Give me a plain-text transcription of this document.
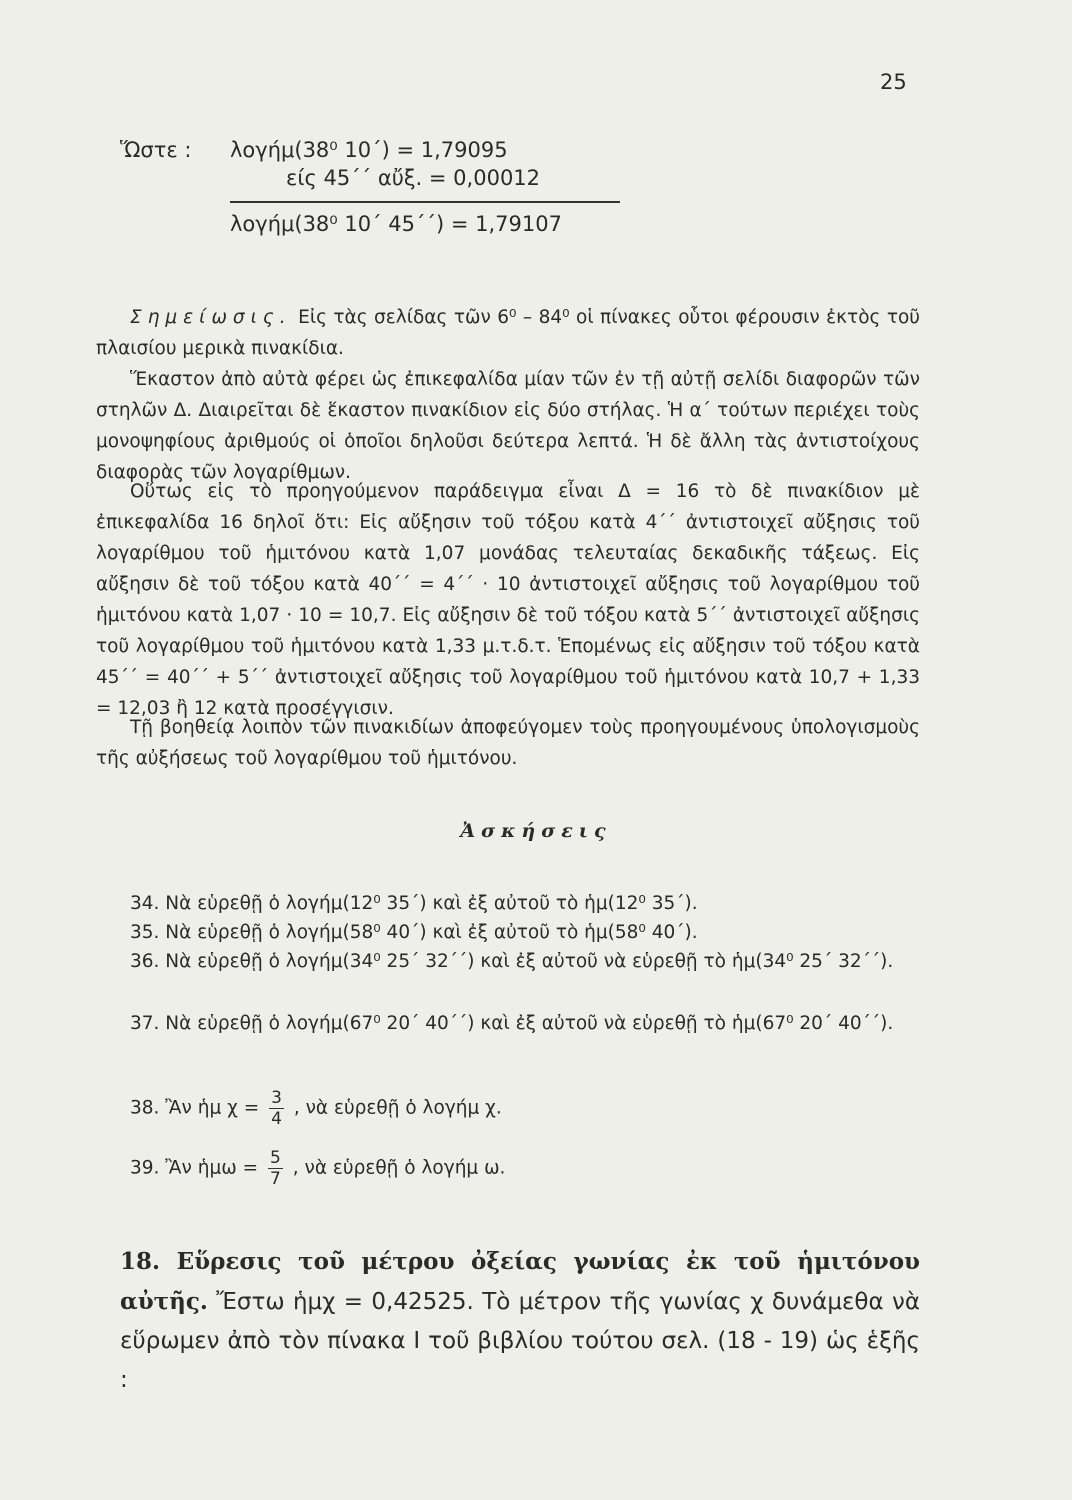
25
Ὥστε : λογήμ(38⁰ 10΄) = 1,79095
είς 45΄΄ αὔξ. = 0,00012
λογήμ(38⁰ 10΄ 45΄΄) = 1,79107
Σημείωσις. Εἰς τὰς σελίδας τῶν 6⁰ – 84⁰ οἱ πίνακες οὗτοι φέρουσιν ἐκτὸς τοῦ πλαισίου μερικὰ πινακίδια.
Ἕκαστον ἀπὸ αὐτὰ φέρει ὡς ἐπικεφαλίδα μίαν τῶν ἐν τῇ αὐτῇ σελίδι διαφορῶν τῶν στηλῶν Δ. Διαιρεῖται δὲ ἕκαστον πινακίδιον εἰς δύο στήλας. Ἡ α΄ τούτων περιέχει τοὺς μονοψηφίους ἀριθμούς οἱ ὁποῖοι δηλοῦσι δεύτερα λεπτά. Ἡ δὲ ἄλλη τὰς ἀντιστοίχους διαφορὰς τῶν λογαρίθμων.
Οὕτως εἰς τὸ προηγούμενον παράδειγμα εἶναι Δ = 16 τὸ δὲ πινακίδιον μὲ ἐπικεφαλίδα 16 δηλοῖ ὅτι: Εἰς αὔξησιν τοῦ τόξου κατὰ 4΄΄ ἀντιστοιχεῖ αὔξησις τοῦ λογαρίθμου τοῦ ἡμιτόνου κατὰ 1,07 μονάδας τελευταίας δεκαδικῆς τάξεως. Εἰς αὔξησιν δὲ τοῦ τόξου κατὰ 40΄΄ = 4΄΄ · 10 ἀντιστοιχεῖ αὔξησις τοῦ λογαρίθμου τοῦ ἡμιτόνου κατὰ 1,07 · 10 = 10,7. Εἰς αὔξησιν δὲ τοῦ τόξου κατὰ 5΄΄ ἀντιστοιχεῖ αὔξησις τοῦ λογαρίθμου τοῦ ἡμιτόνου κατὰ 1,33 μ.τ.δ.τ. Ἑπομένως εἰς αὔξησιν τοῦ τόξου κατὰ 45΄΄ = 40΄΄ + 5΄΄ ἀντιστοιχεῖ αὔξησις τοῦ λογαρίθμου τοῦ ἡμιτόνου κατὰ 10,7 + 1,33 = 12,03 ἢ 12 κατὰ προσέγγισιν.
Τῇ βοηθείᾳ λοιπὸν τῶν πινακιδίων ἀποφεύγομεν τοὺς προηγουμένους ὑπολογισμοὺς τῆς αὐξήσεως τοῦ λογαρίθμου τοῦ ἡμιτόνου.
Ἀσκήσεις
34. Νὰ εὑρεθῇ ὁ λογήμ(12⁰ 35΄) καὶ ἐξ αὐτοῦ τὸ ἡμ(12⁰ 35΄).
35. Νὰ εὑρεθῇ ὁ λογήμ(58⁰ 40΄) καὶ ἐξ αὐτοῦ τὸ ἡμ(58⁰ 40΄).
36. Νὰ εὑρεθῇ ὁ λογήμ(34⁰ 25΄ 32΄΄) καὶ ἐξ αὐτοῦ νὰ εὑρεθῇ τὸ ἡμ(34⁰ 25΄ 32΄΄).
37. Νὰ εὑρεθῇ ὁ λογήμ(67⁰ 20΄ 40΄΄) καὶ ἐξ αὐτοῦ νὰ εὑρεθῇ τὸ ἡμ(67⁰ 20΄ 40΄΄).
38. Ἂν ἡμ $\chi = \frac{3}{4}$ , νὰ εὑρεθῇ ὁ λογήμ χ.
39. Ἂν ἡμω = $\frac{5}{7}$ , νὰ εὑρεθῇ ὁ λογήμ ω.
18. Εὕρεσις τοῦ μέτρου ὀξείας γωνίας ἐκ τοῦ ἡμιτόνου αὐτῆς. Ἔστω ἡμχ = 0,42525. Τὸ μέτρον τῆς γωνίας χ δυνάμεθα νὰ εὕρωμεν ἀπὸ τὸν πίνακα Ι τοῦ βιβλίου τούτου σελ. (18 - 19) ὡς ἑξῆς :
